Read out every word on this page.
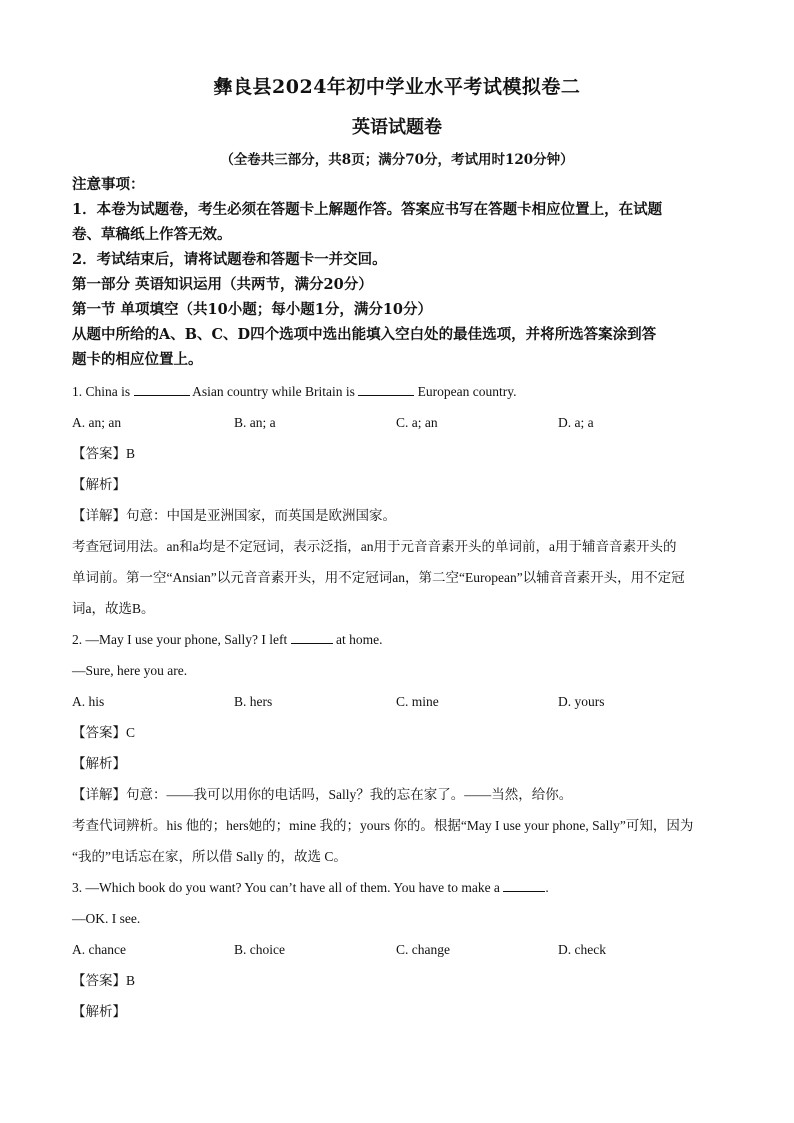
彝良县2024年初中学业水平考试模拟卷二
英语试题卷
（全卷共三部分，共8页；满分70分，考试用时120分钟）
注意事项：
1．本卷为试题卷，考生必须在答题卡上解题作答。答案应书写在答题卡相应位置上，在试题
卷、草稿纸上作答无效。
2．考试结束后，请将试题卷和答题卡一并交回。
第一部分 英语知识运用（共两节，满分20分）
第一节 单项填空（共10小题；每小题1分，满分10分）
从题中所给的A、B、C、D四个选项中选出能填入空白处的最佳选项，并将所选答案涂到答
题卡的相应位置上。
1. China is	Asian country while Britain is	European country.
A. an; an	B. an; a	C. a; an	D. a; a
【答案】B
【解析】
【详解】句意：中国是亚洲国家，而英国是欧洲国家。
考查冠词用法。an和a均是不定冠词，表示泛指，an用于元音音素开头的单词前，a用于辅音音素开头的
单词前。第一空“Ansian”以元音音素开头，用不定冠词an，第二空“European”以辅音音素开头，用不定冠
词a，故选B。
2. —May I use your phone, Sally? I left	at home.
—Sure, here you are.
A. his	B. hers	C. mine	D. yours
【答案】C
【解析】
【详解】句意：——我可以用你的电话吗，Sally？我的忘在家了。——当然，给你。
考查代词辨析。his 他的；hers她的；mine 我的；yours 你的。根据“May I use your phone, Sally”可知，因为
“我的”电话忘在家，所以借 Sally 的，故选 C。
3. —Which book do you want? You can’t have all of them. You have to make a	.
—OK. I see.
A. chance	B. choice	C. change	D. check
【答案】B
【解析】
